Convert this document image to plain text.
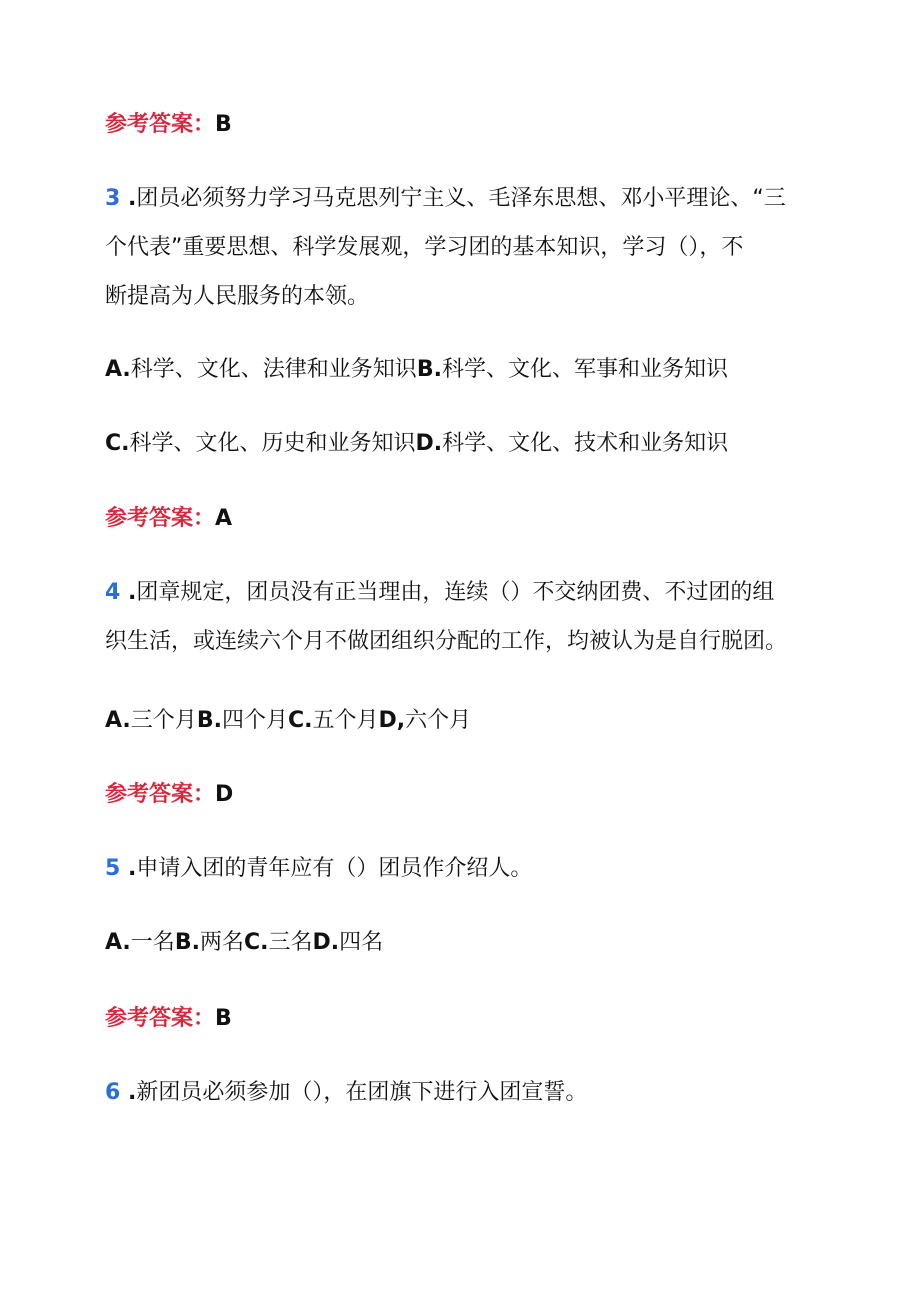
参考答案：B
3 .团员必须努力学习马克思列宁主义、毛泽东思想、邓小平理论、“三
个代表”重要思想、科学发展观，学习团的基本知识，学习（），不
断提高为人民服务的本领。
A.科学、文化、法律和业务知识B.科学、文化、军事和业务知识
C.科学、文化、历史和业务知识D.科学、文化、技术和业务知识
参考答案：A
4 .团章规定，团员没有正当理由，连续（）不交纳团费、不过团的组
织生活，或连续六个月不做团组织分配的工作，均被认为是自行脱团。
A.三个月B.四个月C.五个月D,六个月
参考答案：D
5 .申请入团的青年应有（）团员作介绍人。
A.一名B.两名C.三名D.四名
参考答案：B
6 .新团员必须参加（），在团旗下进行入团宣誓。
